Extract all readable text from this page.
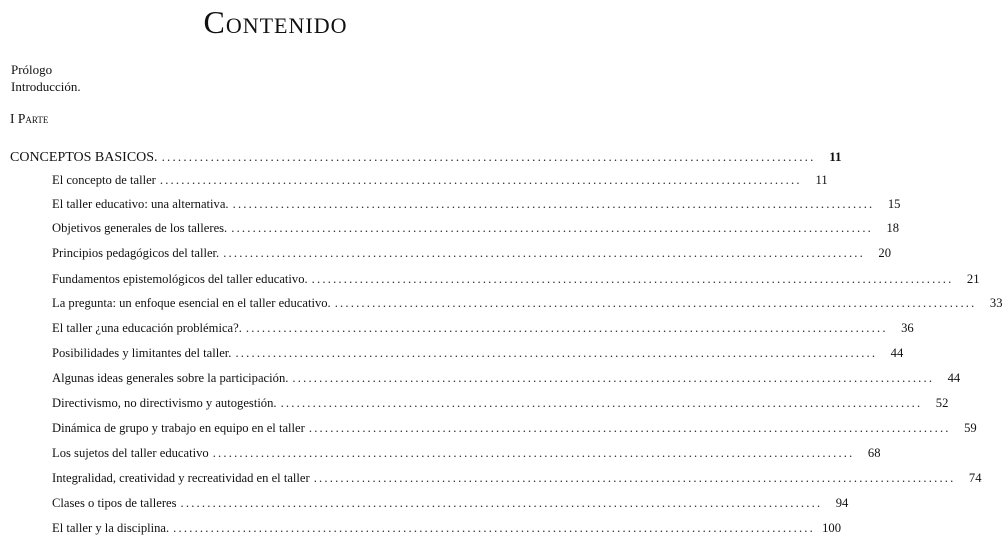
Contenido
Prólogo
Introducción.
I Parte
CONCEPTOS BASICOS. ........................................................................................................................	11
El concepto de taller ........................................................................................................................	11
El taller educativo: una alternativa. ........................................................................................................................	15
Objetivos generales de los talleres. ........................................................................................................................	18
Principios pedagógicos del taller. ........................................................................................................................	20
Fundamentos epistemológicos del taller educativo. ........................................................................................................................	21
La pregunta: un enfoque esencial en el taller educativo. ........................................................................................................................	33
El taller ¿una educación problémica?. ........................................................................................................................	36
Posibilidades y limitantes del taller. ........................................................................................................................	44
Algunas ideas generales sobre la participación. ........................................................................................................................	44
Directivismo, no directivismo y autogestión. ........................................................................................................................	52
Dinámica de grupo y trabajo en equipo en el taller ........................................................................................................................	59
Los sujetos del taller educativo ........................................................................................................................	68
Integralidad, creatividad y recreatividad en el taller ........................................................................................................................	74
Clases o tipos de talleres ........................................................................................................................	94
El taller y la disciplina. ........................................................................................................................ 100
